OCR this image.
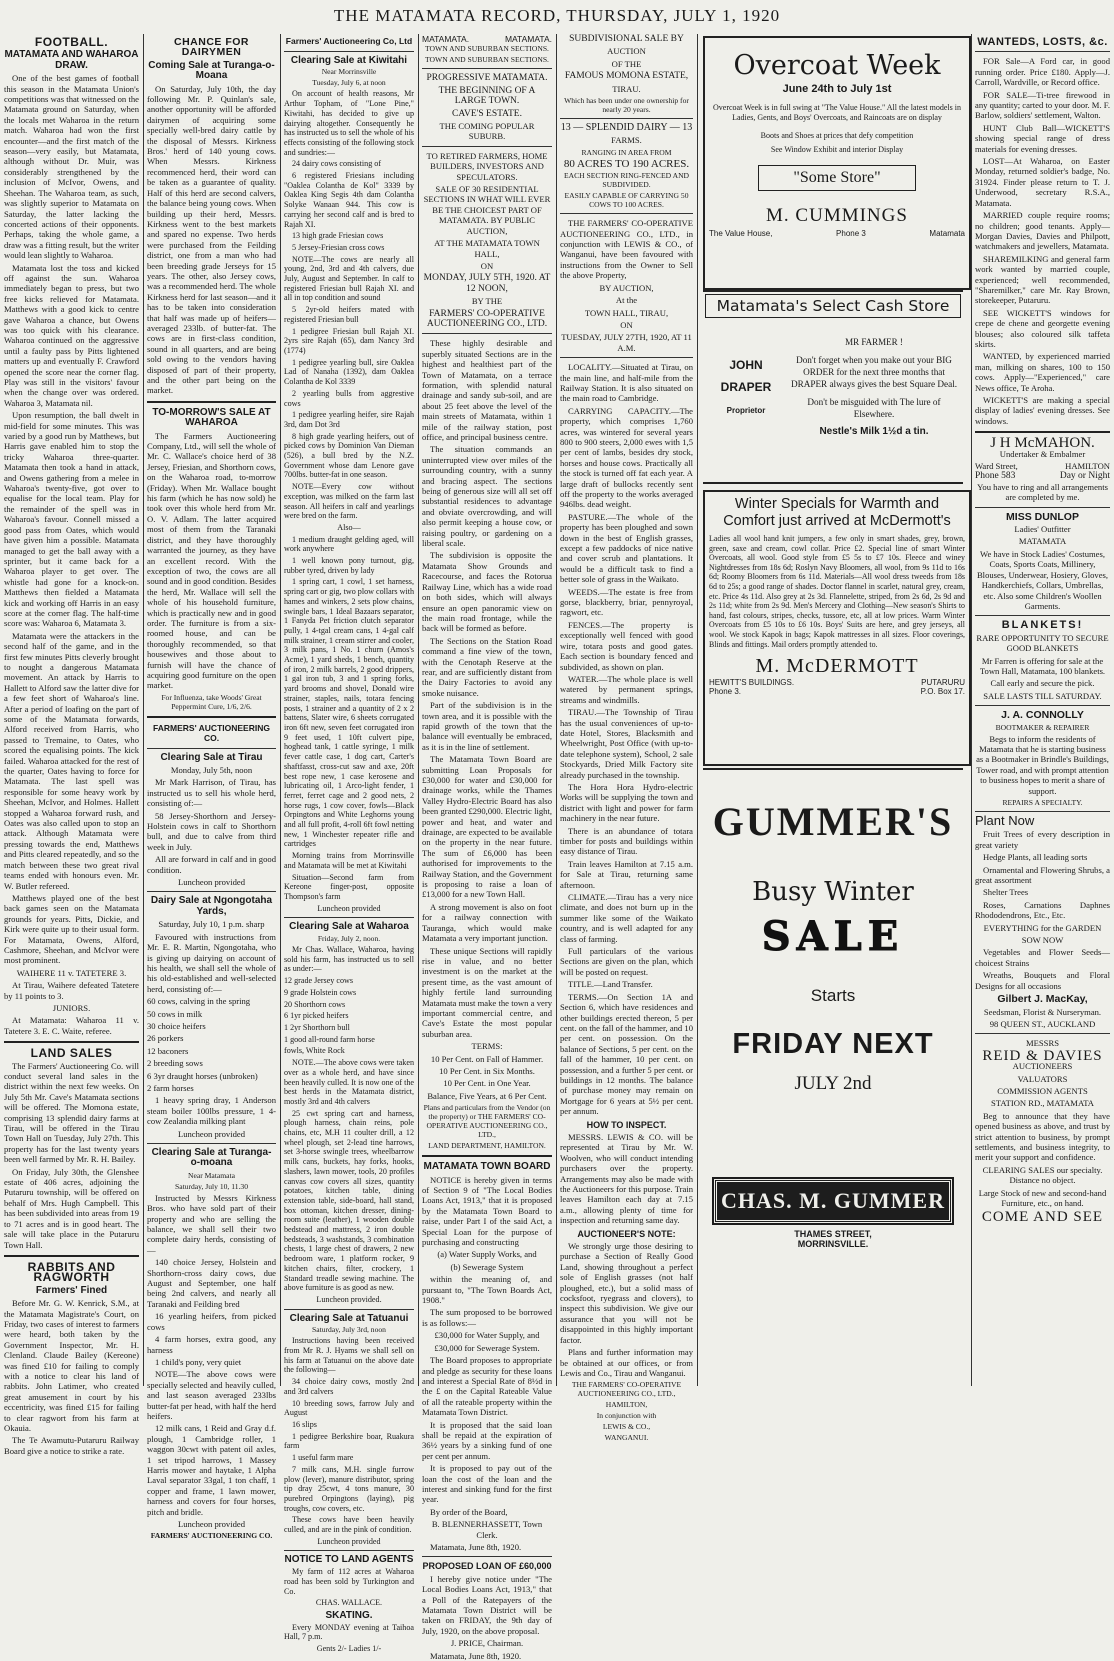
THE MATAMATA RECORD, THURSDAY, JULY 1, 1920
FOOTBALL.
MATAMATA AND WAHAROA DRAW.

One of the best games of football this season in the Matamata Union's competitions was that witnessed on the Matamata ground on Saturday, when the locals met Waharoa in the return match. Waharoa had won the first encounter—and the first match of the season—very easily, but Matamata, although without Dr. Muir, was considerably strengthened by the inclusion of McIvor, Owens, and Sheehan. The Waharoa team, as such, was slightly superior to Matamata on Saturday, the latter lacking the concerted actions of their opponents. Perhaps, taking the whole game, a draw was a fitting result, but the writer would lean slightly to Waharoa.

Matamata lost the toss and kicked off against the sun. Waharoa immediately began to press, but two free kicks relieved for Matamata. Matthews with a good kick to centre gave Waharoa a chance, but Owens was too quick with his clearance. Waharoa continued on the aggressive until a faulty pass by Pitts lightened matters up and eventually F. Crawford opened the score near the corner flag. Play was still in the visitors' favour when the change over was ordered. Waharoa 3, Matamata nil.

Upon resumption, the ball dwelt in mid-field for some minutes. This was varied by a good run by Matthews, but Harris gave enabled him to stop the tricky Waharoa three-quarter. Matamata then took a hand in attack, and Owens gathering from a melee in Waharoa's twenty-five, got over to equalise for the local team. Play for the remainder of the spell was in Waharoa's favour. Connell missed a good pass from Oates, which would have given him a possible. Matamata managed to get the ball away with a sprinter, but it came back for a Waharoa player to get over. The whistle had gone for a knock-on. Matthews then fielded a Matamata kick and working off Harris in an easy score at the corner flag. The half-time score was: Waharoa 6, Matamata 3.

Matamata were the attackers in the second half of the game, and in the first few minutes Pitts cleverly brought to nought a dangerous Matamata movement. An attack by Harris to Hallett to Alford saw the latter dive for a few feet short of Waharoa's line. After a period of loafing on the part of some of the Matamata forwards, Alford received from Harris, who passed to Tremaine, to Oates, who scored the equalising points. The kick failed. Waharoa attacked for the rest of the quarter, Oates having to force for Matamata. The last spell was responsible for some heavy work by Sheehan, McIvor, and Holmes. Hallett stopped a Waharoa forward rush, and Oates was also called upon to stop an attack. Although Matamata were pressing towards the end, Matthews and Pitts cleared repeatedly, and so the match between these two great rival teams ended with honours even. Mr. W. Butler refereed.

Matthews played one of the best back games seen on the Matamata grounds for years. Pitts, Dickie, and Kirk were quite up to their usual form. For Matamata, Owens, Alford, Cashmore, Sheehan, and McIvor were most prominent.

WAIHERE 11 v. TATETERE 3.

At Tirau, Waihere defeated Tatetere by 11 points to 3.

JUNIORS.

At Matamata: Waharoa 11 v. Tatetere 3. E. C. Waite, referee.

LAND SALES

The Farmers' Auctioneering Co. will conduct several land sales in the district within the next few weeks. On July 5th Mr. Cave's Matamata sections will be offered. The Momona estate, comprising 13 splendid dairy farms at Tirau, will be offered in the Tirau Town Hall on Tuesday, July 27th. This property has for the last twenty years been well farmed by Mr. R. H. Bailey.

On Friday, July 30th, the Glenshee estate of 406 acres, adjoining the Putaruru township, will be offered on behalf of Mrs. Hugh Campbell. This has been subdivided into areas from 19 to 71 acres and is in good heart. The sale will take place in the Putaruru Town Hall.

RABBITS AND RAGWORTH
Farmers' Fined

Before Mr. G. W. Kenrick, S.M., at the Matamata Magistrate's Court, on Friday, two cases of interest to farmers were heard, both taken by the Government Inspector, Mr. H. Clenland. Claude Bailey (Kereone) was fined £10 for failing to comply with a notice to clear his land of rabbits. John Latimer, who created great amusement in court by his eccentricity, was fined £15 for failing to clear ragwort from his farm at Okauia.

The Te Awamutu-Putaruru Railway Board give a notice to strike a rate.

CHANCE FOR DAIRYMEN
Coming Sale at Turanga-o-Moana

On Saturday, July 10th, the day following Mr. P. Quinlan's sale, another opportunity will be afforded dairymen of acquiring some specially well-bred dairy cattle by the disposal of Messrs. Kirkness Bros.' herd of 140 young cows. When Messrs. Kirkness recommenced herd, their word can be taken as a guarantee of quality. Half of this herd are second calvers, the balance being young cows. When building up their herd, Messrs. Kirkness went to the best markets and spared no expense. Two herds were purchased from the Feilding district, one from a man who had been breeding grade Jerseys for 15 years. The other, also Jersey cows, was a recommended herd. The whole Kirkness herd for last season—and it has to be taken into consideration that half was made up of heifers—averaged 233lb. of butter-fat. The cows are in first-class condition, sound in all quarters, and are being sold owing to the vendors having disposed of part of their property, and the other part being on the market.

TO-MORROW'S SALE AT WAHAROA

The Farmers Auctioneering Company, Ltd., will sell the whole of Mr. C. Wallace's choice herd of 38 Jersey, Friesian, and Shorthorn cows, on the Waharoa road, to-morrow (Friday). When Mr. Wallace bought his farm (which he has now sold) he took over this whole herd from Mr. O. V. Adlam. The latter acquired most of them from the Taranaki district, and they have thoroughly warranted the journey, as they have an excellent record. With the exception of two, the cows are all sound and in good condition. Besides the herd, Mr. Wallace will sell the whole of his household furniture, which is practically new and in good order. The furniture is from a six-roomed house, and can be thoroughly recommended, so that housewives and those about to furnish will have the chance of acquiring good furniture on the open market.

For Influenza, take Woods' Great Peppermint Cure, 1/6, 2/6.

FARMERS' AUCTIONEERING CO.
Clearing Sale at Tirau

Monday, July 5th, noon

Mr Mark Harrison, of Tirau, has instructed us to sell his whole herd, consisting of:—

58 Jersey-Shorthorn and Jersey-Holstein cows in calf to Shorthorn bull, and due to calve from third week in July.

All are forward in calf and in good condition.

Luncheon provided

Dairy Sale at Ngongotaha Yards,

Saturday, July 10, 1 p.m. sharp

Favoured with instructions from Mr. E. R. Martin, Ngongotaha, who is giving up dairying on account of his health, we shall sell the whole of his old-established and well-selected herd, consisting of:—

60 cows, calving in the spring

50 cows in milk

30 choice heifers

26 porkers

12 baconers

2 breeding sows

6 3yr draught horses (unbroken)

2 farm horses

1 heavy spring dray, 1 Anderson steam boiler 100lbs pressure, 1 4-cow Zealandia milking plant

Luncheon provided

Clearing Sale at Turanga-o-moana

Near Matamata

Saturday, July 10, 11.30

Instructed by Messrs Kirkness Bros. who have sold part of their property and who are selling the balance, we shall sell their two complete dairy herds, consisting of—

140 choice Jersey, Holstein and Shorthorn-cross dairy cows, due August and September, one half being 2nd calvers, and nearly all Taranaki and Feilding bred

16 yearling heifers, from picked cows

4 farm horses, extra good, any harness

1 child's pony, very quiet

NOTE—The above cows were specially selected and heavily culled, and last season averaged 233lbs butter-fat per head, with half the herd heifers.

12 milk cans, 1 Reid and Gray d.f. plough, 1 Cambridge roller, 1 waggon 30cwt with patent oil axles, 1 set tripod harrows, 1 Massey Harris mower and haytake, 1 Alpha Laval separator 33gal, 1 ton chaff, 1 copper and frame, 1 lawn mower, harness and covers for four horses, pitch and bridle.

Luncheon provided

FARMERS' AUCTIONEERING CO.

Farmers' Auctioneering Co, Ltd
Clearing Sale at Kiwitahi

Near Morrinsville

Tuesday, July 6, at noon

On account of health reasons, Mr Arthur Topham, of "Lone Pine," Kiwitahi, has decided to give up dairying altogether. Consequently he has instructed us to sell the whole of his effects consisting of the following stock and sundries:—

24 dairy cows consisting of

6 registered Friesians including "Oaklea Colantha de Kol" 3339 by Oaklea King Segis 4th dam Colantha Solyke Wanaan 944. This cow is carrying her second calf and is bred to Rajah XI.

13 high grade Friesian cows

5 Jersey-Friesian cross cows

NOTE—The cows are nearly all young, 2nd, 3rd and 4th calvers, due July, August and September. In calf to registered Friesian bull Rajah XI. and all in top condition and sound

5 2yr-old heifers mated with registered Friesian bull

1 pedigree Friesian bull Rajah XI. 2yrs sire Rajah (65), dam Nancy 3rd (1774)

1 pedigree yearling bull, sire Oaklea Lad of Nanaha (1392), dam Oaklea Colantha de Kol 3339

2 yearling bulls from aggrestive cows

1 pedigree yearling heifer, sire Rajah 3rd, dam Dot 3rd

8 high grade yearling heifers, out of picked cows by Dominion Van Dieman (526), a bull bred by the N.Z. Government whose dam Lenore gave 700lbs. butter-fat in one season.

NOTE—Every cow without exception, was milked on the farm last season. All heifers in calf and yearlings were bred on the farm.

Also—

1 medium draught gelding aged, will work anywhere

1 well known pony turnout, gig, rubber tyred, driven by lady

1 spring cart, 1 cowl, 1 set harness, spring cart or gig, two plow collars with hames and winkers, 2 sets plow chains, swingle bars, 1 Ideal Bazaars separator, 1 Fanyda Pet friction clutch separator pully, 1 4-tgal cream cans, 1 4-gal calf milk strainer, 1 cream stirrer and cooler, 3 milk pans, 1 No. 1 churn (Amos's Acme), 1 yard sheds, 1 bench, quantity of iron, 2 milk barrels, 2 good drippers, 1 gal iron tub, 3 and 1 spring forks, yard brooms and shovel, Donald wire strainer, staples, nails, totara fencing posts, 1 strainer and a quantity of 2 x 2 battens, Slater wire, 6 sheets corrugated iron 6ft new, seven feet corrugated iron 9 feet used, 1 10ft culvert pipe, hoghead tank, 1 cattle syringe, 1 milk fever cattle case, 1 dog cart, Carter's shaftfasst, cross-cut saw and axe, 20ft best rope new, 1 case kerosene and lubricating oil, 1 Arco-light fender, 1 ferret, ferret cage and 2 good nets, 2 horse rugs, 1 cow cover, fowls—Black Orpingtons and White Leghorns young and all full profit, 4-roll 6ft fowl netting new, 1 Winchester repeater rifle and cartridges

Morning trains from Morrinsville and Matamata will be met at Kiwitahi

Situation—Second farm from Kereone finger-post, opposite Thompson's farm

Luncheon provided

Clearing Sale at Waharoa

Friday, July 2, noon.

Mr Chas. Wallace, Waharoa, having sold his farm, has instructed us to sell as under:—

12 grade Jersey cows

9 grade Holstein cows

20 Shorthorn cows

6 1yr picked heifers

1 2yr Shorthorn bull

1 good all-round farm horse

fowls, White Rock

NOTE.—The above cows were taken over as a whole herd, and have since been heavily culled. It is now one of the best herds in the Matamata district, mostly 3rd and 4th calvers

25 cwt spring cart and harness, plough harness, chain reins, pole chains, etc, M.H 11 coulter drill, a 12 wheel plough, set 2-lead tine harrows, set 3-horse swingle trees, wheelbarrow milk cans, buckets, hay forks, hooks, slashers, lawn mower, tools, 20 profiles canvas cow covers all sizes, quantity potatoes, kitchen table, dining extension table, side-board, hall stand, box ottoman, kitchen dresser, dining-room suite (leather), 1 wooden double bedstead and mattress, 2 iron double bedsteads, 3 washstands, 3 combination chests, 1 large chest of drawers, 2 new bedroom ware, 1 platform rocker, 9 kitchen chairs, filter, crockery, 1 Standard treadle sewing machine. The above furniture is as good as new.

Luncheon provided.

Clearing Sale at Tatuanui

Saturday, July 3rd, noon

Instructions having been received from Mr R. J. Hyams we shall sell on his farm at Tatuanui on the above date the following—

34 choice dairy cows, mostly 2nd and 3rd calvers

10 breeding sows, farrow July and August

16 slips

1 pedigree Berkshire boar, Ruakura farm

1 useful farm mare

7 milk cans, M.H. single furrow plow (lever), manure distributor, spring tip dray 25cwt, 4 tons manure, 30 purebred Orpingtons (laying), pig troughs, cow covers, etc.

These cows have been heavily culled, and are in the pink of condition.

Luncheon provided

NOTICE TO LAND AGENTS

My farm of 112 acres at Waharoa road has been sold by Turkington and Co.

CHAS. WALLACE.

SKATING.

Every MONDAY evening at Taihoa Hall, 7 p.m.

Gents 2/- Ladies 1/-

MATAMATA.	MATAMATA.

TOWN AND SUBURBAN SECTIONS.

TOWN AND SUBURBAN SECTIONS.

PROGRESSIVE MATAMATA.

THE BEGINNING OF A LARGE TOWN.

CAVE'S ESTATE.

THE COMING POPULAR SUBURB.

TO RETIRED FARMERS, HOME BUILDERS, INVESTORS AND SPECULATORS.

SALE OF 30 RESIDENTIAL SECTIONS IN WHAT WILL EVER BE THE CHOICEST PART OF MATAMATA. BY PUBLIC AUCTION,

AT THE MATAMATA TOWN HALL,

ON

MONDAY, JULY 5TH, 1920. AT 12 NOON,

BY THE

FARMERS' CO-OPERATIVE AUCTIONEERING CO., LTD.

These highly desirable and superbly situated Sections are in the highest and healthiest part of the Town of Matamata, on a terrace formation, with splendid natural drainage and sandy sub-soil, and are about 25 feet above the level of the main streets of Matamata, within 1 mile of the railway station, post office, and principal business centre.

The situation commands an uninterrupted view over miles of the surrounding country, with a sunny and bracing aspect. The sections being of generous size will all set off substantial residences to advantage and obviate overcrowding, and will also permit keeping a house cow, or raising poultry, or gardening on a liberal scale.

The subdivision is opposite the Matamata Show Grounds and Racecourse, and faces the Rotorua Railway Line, which has a wide road on both sides, which will always ensure an open panoramic view on the main road frontage, while the back will be formed as before.

The Sections on the Station Road command a fine view of the town, with the Cenotaph Reserve at the rear, and are sufficiently distant from the Dairy Factories to avoid any smoke nuisance.

Part of the subdivision is in the town area, and it is possible with the rapid growth of the town that the balance will eventually be embraced, as it is in the line of settlement.

The Matamata Town Board are submitting Loan Proposals for £30,000 for water and £30,000 for drainage works, while the Thames Valley Hydro-Electric Board has also been granted £290,000. Electric light, power and heat, and water and drainage, are expected to be available on the property in the near future. The sum of £6,000 has been authorised for improvements to the Railway Station, and the Government is proposing to raise a loan of £13,000 for a new Town Hall.

A strong movement is also on foot for a railway connection with Tauranga, which would make Matamata a very important junction.

These unique Sections will rapidly rise in value, and no better investment is on the market at the present time, as the vast amount of highly fertile land surrounding Matamata must make the town a very important commercial centre, and Cave's Estate the most popular suburban area.

TERMS:

10 Per Cent. on Fall of Hammer.

10 Per Cent. in Six Months.

10 Per Cent. in One Year.

Balance, Five Years, at 6 Per Cent.

Plans and particulars from the Vendor (on the property) or THE FARMERS' CO-OPERATIVE AUCTIONEERING CO., LTD.,

LAND DEPARTMENT, HAMILTON.

MATAMATA TOWN BOARD

NOTICE is hereby given in terms of Section 9 of "The Local Bodies Loans Act, 1913," that it is proposed by the Matamata Town Board to raise, under Part I of the said Act, a Special Loan for the purpose of purchasing and constructing

(a) Water Supply Works, and

(b) Sewerage System

within the meaning of, and pursuant to, "The Town Boards Act, 1908."

The sum proposed to be borrowed is as follows:—

£30,000 for Water Supply, and

£30,000 for Sewerage System.

The Board proposes to appropriate and pledge as security for these loans and interest a Special Rate of 8½d in the £ on the Capital Rateable Value of all the rateable property within the Matamata Town District.

It is proposed that the said loan shall be repaid at the expiration of 36½ years by a sinking fund of one per cent per annum.

It is proposed to pay out of the loan the cost of the loan and the interest and sinking fund for the first year.

By order of the Board,

B. BLENNERHASSETT, Town Clerk.

Matamata, June 8th, 1920.

PROPOSED LOAN OF £60,000

I hereby give notice under "The Local Bodies Loans Act, 1913," that a Poll of the Ratepayers of the Matamata Town District will be taken on FRIDAY, the 9th day of July, 1920, on the above proposal.

J. PRICE, Chairman.

Matamata, June 8th, 1920.

SUBDIVISIONAL SALE BY

AUCTION

OF THE

FAMOUS MOMONA ESTATE,

TIRAU.

Which has been under one ownership for nearly 20 years.

13 — SPLENDID DAIRY — 13

FARMS.

RANGING IN AREA FROM

80 ACRES TO 190 ACRES.

EACH SECTION RING-FENCED AND SUBDIVIDED.

EASILY CAPABLE OF CARRYING 50 COWS TO 100 ACRES.

THE FARMERS' CO-OPERATIVE AUCTIONEERING CO., LTD., in conjunction with LEWIS & CO., of Wanganui, have been favoured with instructions from the Owner to Sell the above Property,

BY AUCTION,

At the

TOWN HALL, TIRAU,

ON

TUESDAY, JULY 27TH, 1920, AT 11 A.M.

LOCALITY.—Situated at Tirau, on the main line, and half-mile from the Railway Station. It is also situated on the main road to Cambridge.

CARRYING CAPACITY.—The property, which comprises 1,760 acres, was wintered for several years 800 to 900 steers, 2,000 ewes with 1,5 per cent of lambs, besides dry stock, horses and house cows. Practically all the stock is turned off fat each year. A large draft of bullocks recently sent off the property to the works averaged 946lbs. dead weight.

PASTURE.—The whole of the property has been ploughed and sown down in the best of English grasses, except a few paddocks of nice native and cover scrub and plantations. It would be a difficult task to find a better sole of grass in the Waikato.

WEEDS.—The estate is free from gorse, blackberry, briar, pennyroyal, ragwort, etc.

FENCES.—The property is exceptionally well fenced with good wire, totara posts and good gates. Each section is boundary fenced and subdivided, as shown on plan.

WATER.—The whole place is well watered by permanent springs, streams and windmills.

TIRAU.—The Township of Tirau has the usual conveniences of up-to-date Hotel, Stores, Blacksmith and Wheelwright, Post Office (with up-to-date telephone system), School, 2 sale Stockyards, Dried Milk Factory site already purchased in the township.

The Hora Hora Hydro-electric Works will be supplying the town and district with light and power for farm machinery in the near future.

There is an abundance of totara timber for posts and buildings within easy distance of Tirau.

Train leaves Hamilton at 7.15 a.m. for Sale at Tirau, returning same afternoon.

CLIMATE.—Tirau has a very nice climate, and does not burn up in the summer like some of the Waikato country, and is well adapted for any class of farming.

Full particulars of the various Sections are given on the plan, which will be posted on request.

TITLE.—Land Transfer.

TERMS.—On Section 1A and Section 6, which have residences and other buildings erected thereon, 5 per cent. on the fall of the hammer, and 10 per cent. on possession. On the balance of Sections, 5 per cent. on the fall of the hammer, 10 per cent. on possession, and a further 5 per cent. or buildings in 12 months. The balance of purchase money may remain on Mortgage for 6 years at 5½ per cent. per annum.

HOW TO INSPECT.

MESSRS. LEWIS & CO. will be represented at Tirau by Mr. W. Woolven, who will conduct intending purchasers over the property. Arrangements may also be made with the Auctioneers for this purpose. Train leaves Hamilton each day at 7.15 a.m., allowing plenty of time for inspection and returning same day.

AUCTIONEER'S NOTE:

We strongly urge those desiring to purchase a Section of Really Good Land, showing throughout a perfect sole of English grasses (not half ploughed, etc.), but a solid mass of cocksfoot, ryegrass and clovers), to inspect this subdivision. We give our assurance that you will not be disappointed in this highly important factor.

Plans and further information may be obtained at our offices, or from Lewis and Co., Tirau and Wanganui.

THE FARMERS' CO-OPERATIVE AUCTIONEERING CO., LTD.,

HAMILTON,

In conjunction with

LEWIS & CO.,

WANGANUI.

Overcoat Week
June 24th to July 1st
Overcoat Week is in full swing at "The Value House." All the latest models in Ladies, Gents, and Boys' Overcoats, and Raincoats are on display
Boots and Shoes at prices that defy competition
See Window Exhibit and interior Display
"Some Store"
M. CUMMINGS
The Value House,	Phone 3	Matamata
Matamata's Select Cash Store
JOHN DRAPER
Proprietor
MR FARMER !
Don't forget when you make out your BIG ORDER for the next three months that DRAPER always gives the best Square Deal.
Don't be misguided with The lure of Elsewhere.
Nestle's Milk 1½d a tin.
Winter Specials for Warmth and Comfort just arrived at McDermott's
Ladies all wool hand knit jumpers, a few only in smart shades, grey, brown, green, saxe and cream, cowl collar. Price £2. Special line of smart Winter Overcoats, all wool. Good style from £5 5s to £7 10s. Fleece and winey Nightdresses from 18s 6d; Roslyn Navy Bloomers, all wool, from 9s 11d to 16s 6d; Roomy Bloomers from 6s 11d. Materials—All wool dress tweeds from 18s 6d to 25s; a good range of shades. Doctor flannel in scarlet, natural grey, cream, etc. Price 4s 11d. Also grey at 2s 3d. Flannelette, striped, from 2s 6d, 2s 9d and 2s 11d; white from 2s 9d. Men's Mercery and Clothing—New season's Shirts to hand, fast colours, stripes, checks, tussore, etc, all at low prices. Warm Winter Overcoats from £5 10s to £6 10s. Boys' Suits are here, and grey jerseys, all wool. We stock Kapok in bags; Kapok mattresses in all sizes. Floor coverings, Blinds and fittings. Mail orders promptly attended to.
M. McDERMOTT
HEWITT'S BUILDINGS.	PUTARURU
Phone 3.	P.O. Box 17.
GUMMER'S
Busy Winter
SALE
Starts
FRIDAY NEXT
JULY 2nd
CHAS. M. GUMMER
THAMES STREET,
MORRINSVILLE.
WANTEDS, LOSTS, &c.

FOR Sale—A Ford car, in good running order. Price £180. Apply—J. Carroll, Wardville, or Record office.

FOR SALE—Ti-tree firewood in any quantity; carted to your door. M. F. Barlow, soldiers' settlement, Walton.

HUNT Club Ball—WICKETT'S showing special range of dress materials for evening dresses.

LOST—At Waharoa, on Easter Monday, returned soldier's badge, No. 31924. Finder please return to T. J. Underwood, secretary R.S.A., Matamata.

MARRIED couple require rooms; no children; good tenants. Apply—Morgan Davies, Davies and Philpott, watchmakers and jewellers, Matamata.

SHAREMILKING and general farm work wanted by married couple, experienced; well recommended, "Sharemilker," care Mr. Ray Brown, storekeeper, Putaruru.

SEE WICKETT'S windows for crepe de chene and georgette evening blouses; also coloured silk taffeta skirts.

WANTED, by experienced married man, milking on shares, 100 to 150 cows. Apply—"Experienced," care News office, Te Aroha.

WICKETT'S are making a special display of ladies' evening dresses. See windows.

J H McMAHON.

Undertaker & Embalmer

Ward Street,	HAMILTON
Phone 583	Day or Night

You have to ring and all arrangements are completed by me.

MISS DUNLOP

Ladies' Outfitter

MATAMATA

We have in Stock Ladies' Costumes, Coats, Sports Coats, Millinery, Blouses, Underwear, Hosiery, Gloves, Handkerchiefs, Collars, Umbrellas, etc. Also some Children's Woollen Garments.

BLANKETS!

RARE OPPORTUNITY TO SECURE GOOD BLANKETS

Mr Farren is offering for sale at the Town Hall, Matamata, 100 blankets.

Call early and secure the pick.

SALE LASTS TILL SATURDAY.

J. A. CONNOLLY

BOOTMAKER & REPAIRER

Begs to inform the residents of Matamata that he is starting business as a Bootmaker in Brindle's Buildings, Tower road, and with prompt attention to business hopes to merit a share of support.

REPAIRS A SPECIALTY.

Plant Now

Fruit Trees of every description in great variety

Hedge Plants, all leading sorts

Ornamental and Flowering Shrubs, a great assortment

Shelter Trees

Roses, Carnations Daphnes Rhododendrons, Etc., Etc.

EVERYTHING for the GARDEN

SOW NOW

Vegetables and Flower Seeds—choicest Strains

Wreaths, Bouquets and Floral Designs for all occasions

Gilbert J. MacKay,

Seedsman, Florist & Nurseryman.

98 QUEEN ST., AUCKLAND

MESSRS

REID & DAVIES

AUCTIONEERS

VALUATORS

COMMISSION AGENTS

STATION RD., MATAMATA

Beg to announce that they have opened business as above, and trust by strict attention to business, by prompt settlements, and business integrity, to merit your support and confidence.

CLEARING SALES our specialty. Distance no object.

Large Stock of new and second-hand Furniture, etc., on hand.

COME AND SEE
